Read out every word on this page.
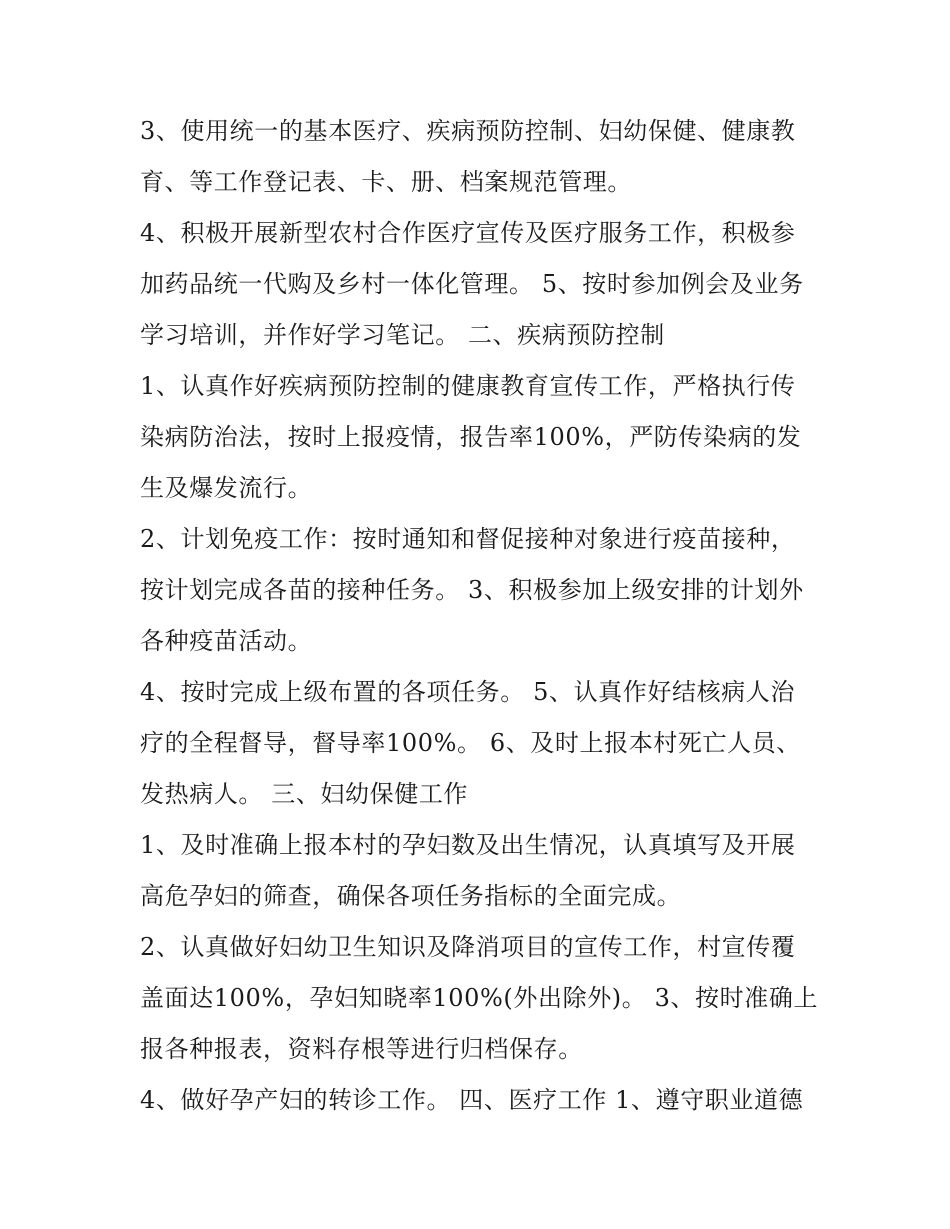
3、使用统一的基本医疗、疾病预防控制、妇幼保健、健康教
育、等工作登记表、卡、册、档案规范管理。
4、积极开展新型农村合作医疗宣传及医疗服务工作，积极参
加药品统一代购及乡村一体化管理。 5、按时参加例会及业务
学习培训，并作好学习笔记。 二、疾病预防控制
1、认真作好疾病预防控制的健康教育宣传工作，严格执行传
染病防治法，按时上报疫情，报告率100%，严防传染病的发
生及爆发流行。
2、计划免疫工作：按时通知和督促接种对象进行疫苗接种，
按计划完成各苗的接种任务。 3、积极参加上级安排的计划外
各种疫苗活动。
4、按时完成上级布置的各项任务。 5、认真作好结核病人治
疗的全程督导，督导率100%。 6、及时上报本村死亡人员、
发热病人。 三、妇幼保健工作
1、及时准确上报本村的孕妇数及出生情况，认真填写及开展
高危孕妇的筛查，确保各项任务指标的全面完成。
2、认真做好妇幼卫生知识及降消项目的宣传工作，村宣传覆
盖面达100%，孕妇知晓率100%(外出除外)。 3、按时准确上
报各种报表，资料存根等进行归档保存。
4、做好孕产妇的转诊工作。 四、医疗工作 1、遵守职业道德
